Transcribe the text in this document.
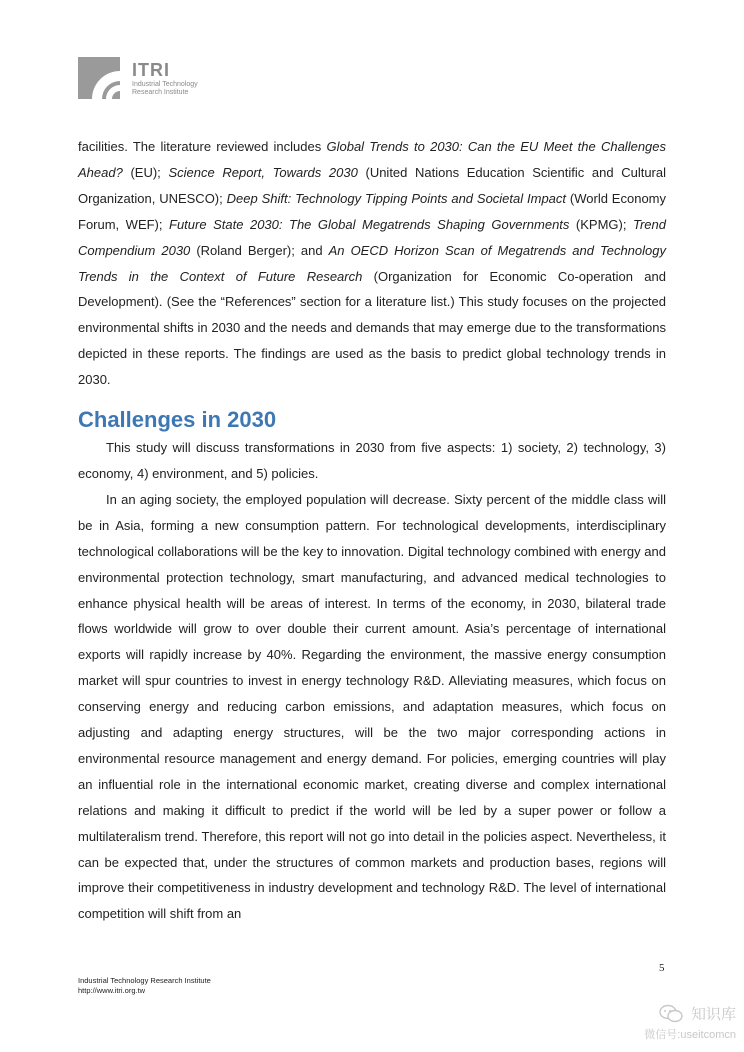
ITRI
Industrial Technology
Research Institute

facilities. The literature reviewed includes Global Trends to 2030: Can the EU Meet the Challenges Ahead? (EU); Science Report, Towards 2030 (United Nations Education Scientific and Cultural Organization, UNESCO); Deep Shift: Technology Tipping Points and Societal Impact (World Economy Forum, WEF); Future State 2030: The Global Megatrends Shaping Governments (KPMG); Trend Compendium 2030 (Roland Berger); and An OECD Horizon Scan of Megatrends and Technology Trends in the Context of Future Research (Organization for Economic Co-operation and Development). (See the “References” section for a literature list.) This study focuses on the projected environmental shifts in 2030 and the needs and demands that may emerge due to the transformations depicted in these reports. The findings are used as the basis to predict global technology trends in 2030.

Challenges in 2030

This study will discuss transformations in 2030 from five aspects: 1) society, 2) technology, 3) economy, 4) environment, and 5) policies.

In an aging society, the employed population will decrease. Sixty percent of the middle class will be in Asia, forming a new consumption pattern. For technological developments, interdisciplinary technological collaborations will be the key to innovation. Digital technology combined with energy and environmental protection technology, smart manufacturing, and advanced medical technologies to enhance physical health will be areas of interest. In terms of the economy, in 2030, bilateral trade flows worldwide will grow to over double their current amount. Asia’s percentage of international exports will rapidly increase by 40%. Regarding the environment, the massive energy consumption market will spur countries to invest in energy technology R&D. Alleviating measures, which focus on conserving energy and reducing carbon emissions, and adaptation measures, which focus on adjusting and adapting energy structures, will be the two major corresponding actions in environmental resource management and energy demand. For policies, emerging countries will play an influential role in the international economic market, creating diverse and complex international relations and making it difficult to predict if the world will be led by a super power or follow a multilateralism trend. Therefore, this report will not go into detail in the policies aspect. Nevertheless, it can be expected that, under the structures of common markets and production bases, regions will improve their competitiveness in industry development and technology R&D. The level of international competition will shift from an

5
Industrial Technology Research Institute
http://www.itri.org.tw
知识库
微信号:useitcomcn
